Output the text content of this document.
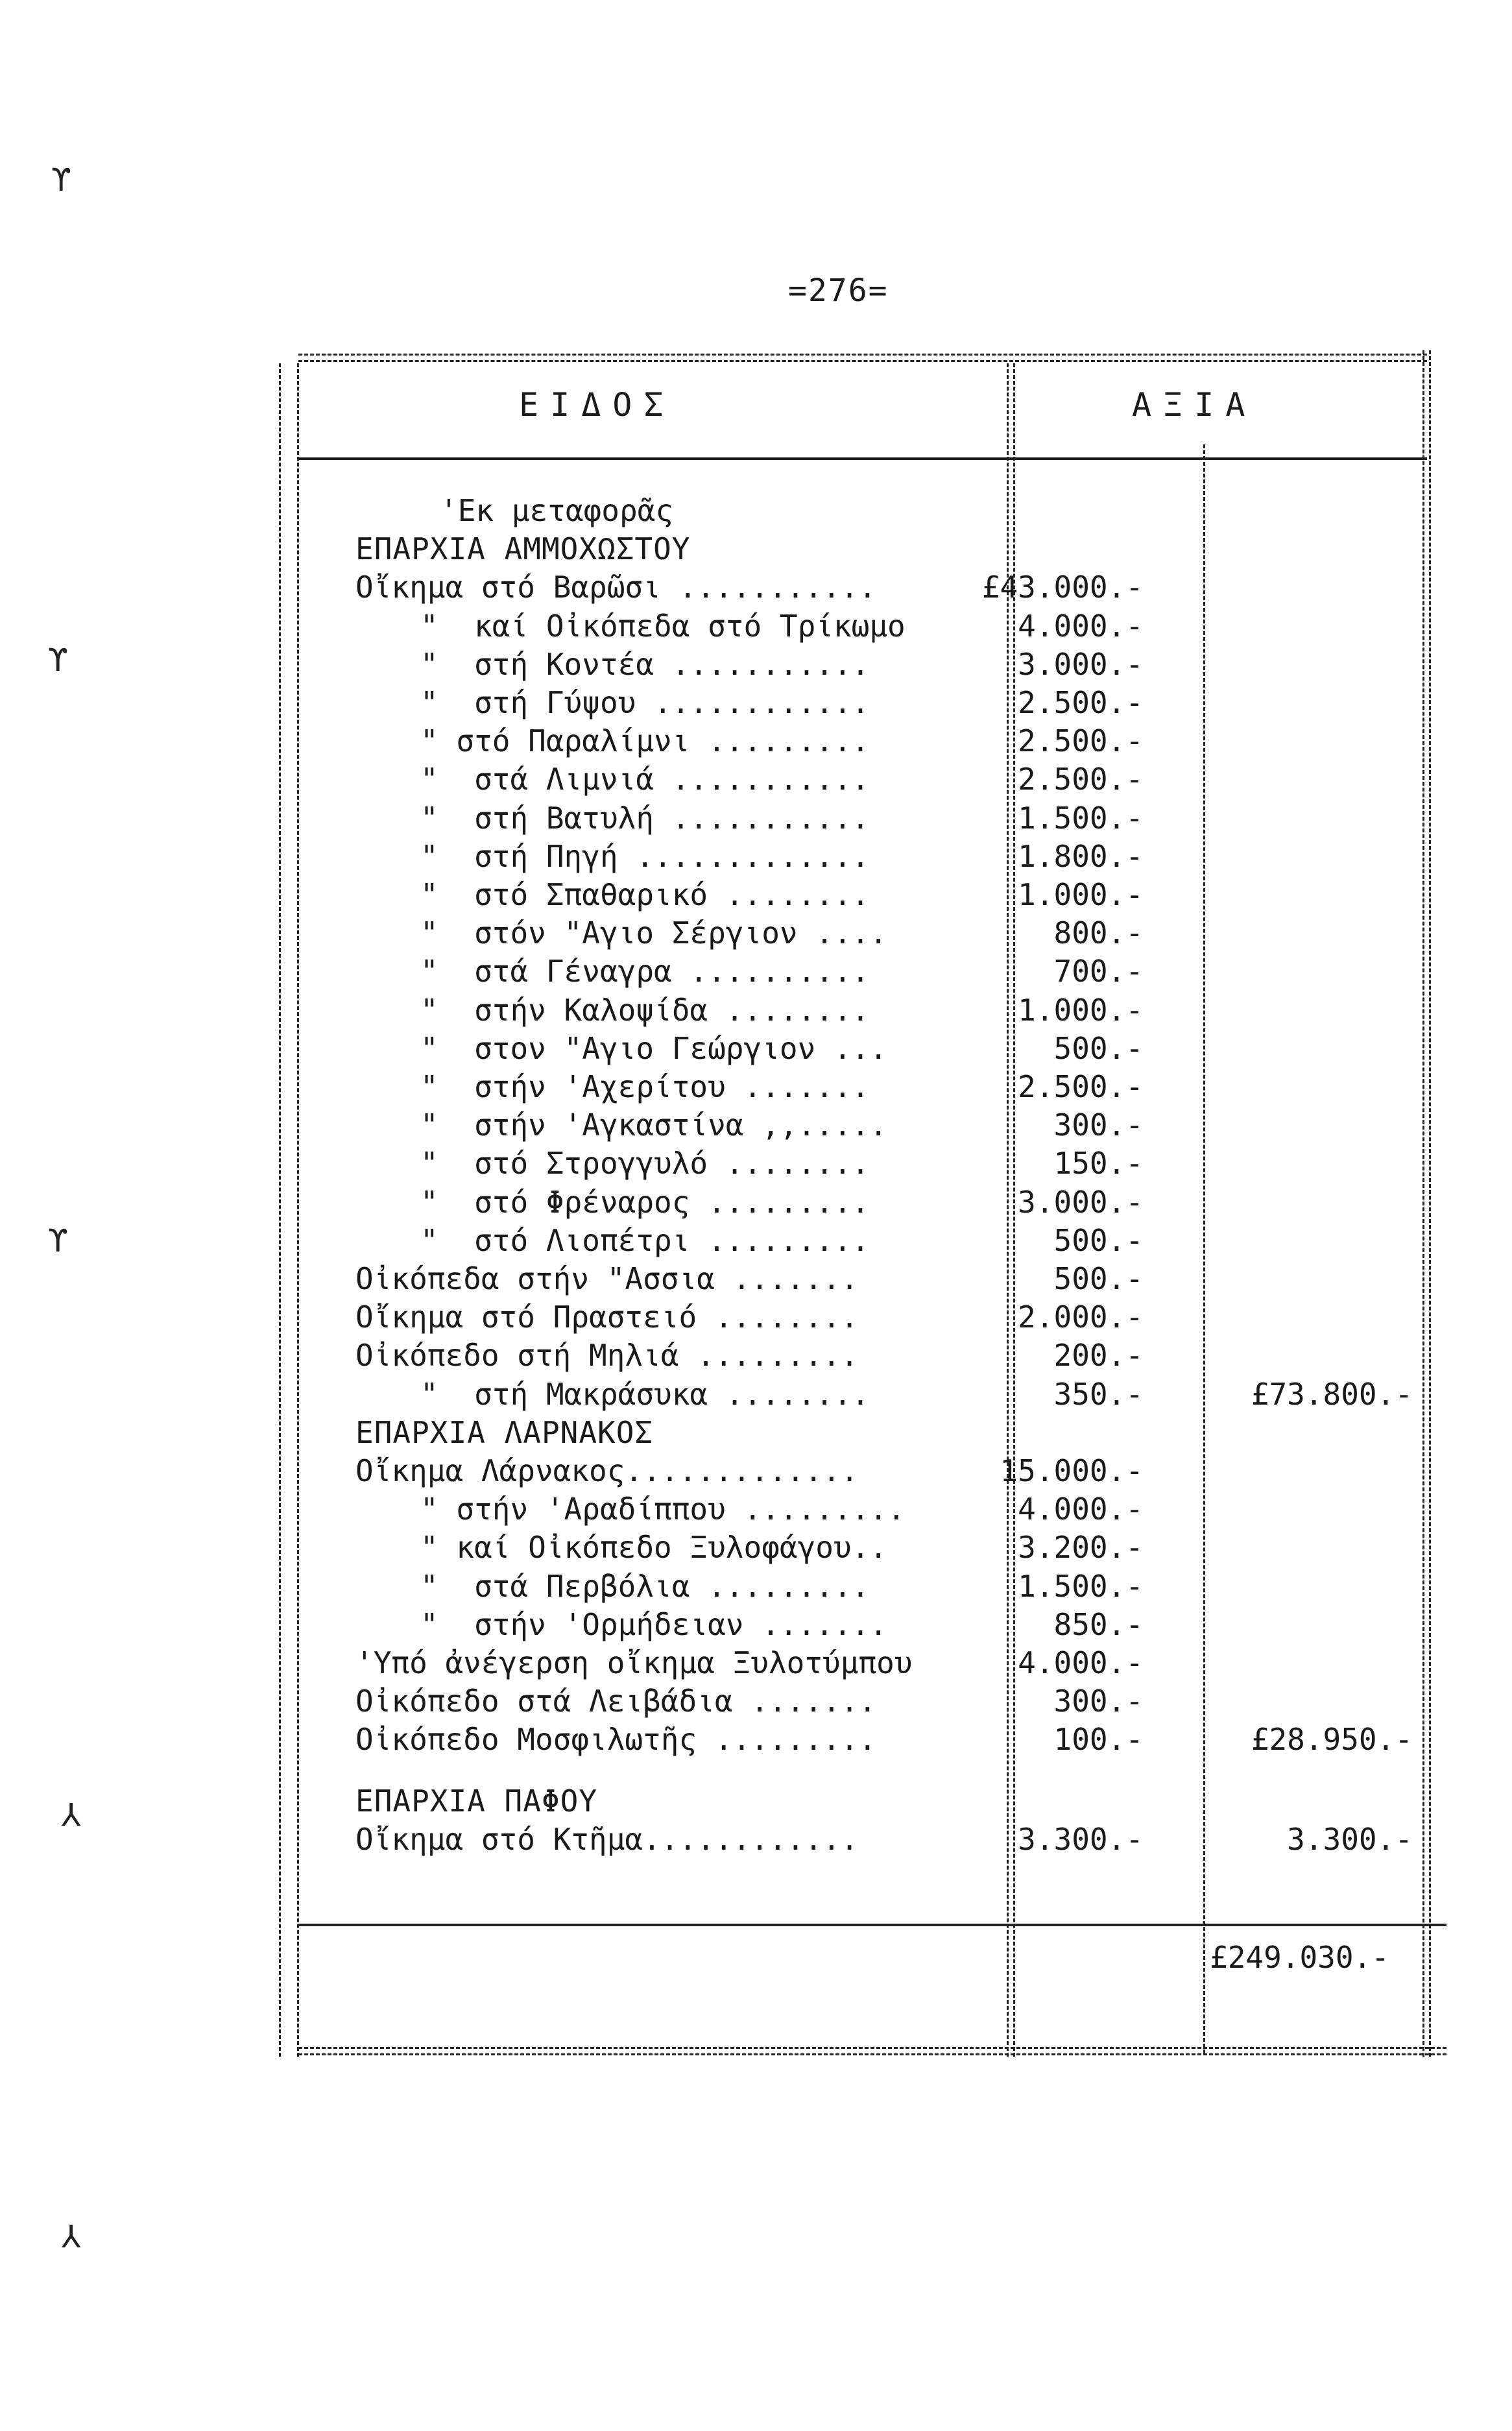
=276=
ΕΙΔΟΣ	ΑΞΙΑ
'Εκ μεταφορᾶς
ΕΠΑΡΧΙΑ ΑΜΜΟΧΩΣΤΟΥ
Οἴκημα στό Βαρῶσι ...........	£43.000.-
"  καί Οἰκόπεδα στό Τρίκωμο	4.000.-
"  στή Κοντέα ...........	3.000.-
"  στή Γύψου ............	2.500.-
" στό Παραλίμνι .........	2.500.-
"  στά Λιμνιά ...........	2.500.-
"  στή Βατυλή ...........	1.500.-
"  στή Πηγή .............	1.800.-
"  στό Σπαθαρικό ........	1.000.-
"  στόν "Αγιο Σέργιον ....	800.-
"  στά Γέναγρα ..........	700.-
"  στήν Καλοψίδα ........	1.000.-
"  στον "Αγιο Γεώργιον ...	500.-
"  στήν 'Αχερίτου .......	2.500.-
"  στήν 'Αγκαστίνα ,,.....	300.-
"  στό Στρογγυλό ........	150.-
"  στό Φρέναρος .........	3.000.-
"  στό Λιοπέτρι .........	500.-
Οἰκόπεδα στήν "Ασσια .......	500.-
Οἴκημα στό Πραστειό ........	2.000.-
Οἰκόπεδο στή Μηλιά .........	200.-
"  στή Μακράσυκα ........	350.-	£73.800.-
ΕΠΑΡΧΙΑ ΛΑΡΝΑΚΟΣ
Οἴκημα Λάρνακος.............	15.000.-
" στήν 'Αραδίππου .........	4.000.-
" καί Οἰκόπεδο Ξυλοφάγου..	3.200.-
"  στά Περβόλια .........	1.500.-
"  στήν 'Ορμήδειαν .......	850.-
'Υπό ἀνέγερση οἴκημα Ξυλοτύμπου	4.000.-
Οἰκόπεδο στά Λειβάδια .......	300.-
Οἰκόπεδο Μοσφιλωτῆς .........	100.-	£28.950.-
ΕΠΑΡΧΙΑ ΠΑΦΟΥ
Οἴκημα στό Κτῆμα............	3.300.-	3.300.-
£249.030.-
ϒ
ϒ
ϒ
⅄
⅄
